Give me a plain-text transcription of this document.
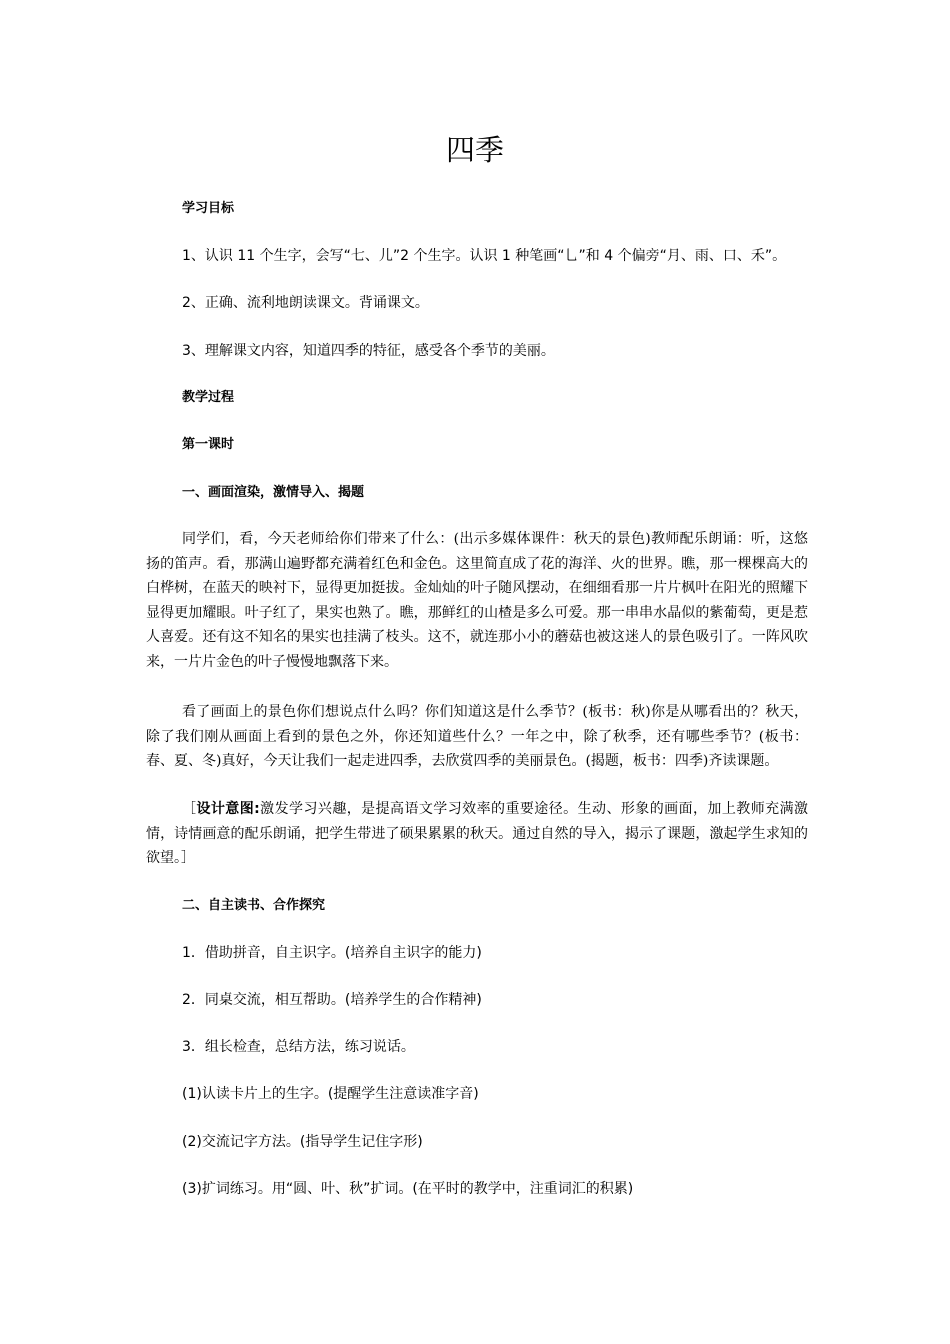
四季
学习目标
1、认识 11 个生字，会写“七、儿”2 个生字。认识 1 种笔画“乚”和 4 个偏旁“月、雨、口、禾”。
2、正确、流利地朗读课文。背诵课文。
3、理解课文内容，知道四季的特征，感受各个季节的美丽。
教学过程
第一课时
一、画面渲染，激情导入、揭题
同学们，看，今天老师给你们带来了什么：(出示多媒体课件：秋天的景色)教师配乐朗诵：听，这悠扬的笛声。看，那满山遍野都充满着红色和金色。这里简直成了花的海洋、火的世界。瞧，那一棵棵高大的白桦树，在蓝天的映衬下，显得更加挺拔。金灿灿的叶子随风摆动，在细细看那一片片枫叶在阳光的照耀下显得更加耀眼。叶子红了，果实也熟了。瞧，那鲜红的山楂是多么可爱。那一串串水晶似的紫葡萄，更是惹人喜爱。还有这不知名的果实也挂满了枝头。这不，就连那小小的蘑菇也被这迷人的景色吸引了。一阵风吹来，一片片金色的叶子慢慢地飘落下来。
看了画面上的景色你们想说点什么吗？你们知道这是什么季节？(板书：秋)你是从哪看出的？秋天，除了我们刚从画面上看到的景色之外，你还知道些什么？一年之中，除了秋季，还有哪些季节？(板书：春、夏、冬)真好，今天让我们一起走进四季，去欣赏四季的美丽景色。(揭题，板书：四季)齐读课题。
［设计意图:激发学习兴趣，是提高语文学习效率的重要途径。生动、形象的画面，加上教师充满激情，诗情画意的配乐朗诵，把学生带进了硕果累累的秋天。通过自然的导入，揭示了课题，激起学生求知的欲望。］
二、自主读书、合作探究
1．借助拼音，自主识字。(培养自主识字的能力)
2．同桌交流，相互帮助。(培养学生的合作精神)
3．组长检查，总结方法，练习说话。
(1)认读卡片上的生字。(提醒学生注意读准字音)
(2)交流记字方法。(指导学生记住字形)
(3)扩词练习。用“圆、叶、秋”扩词。(在平时的教学中，注重词汇的积累)
